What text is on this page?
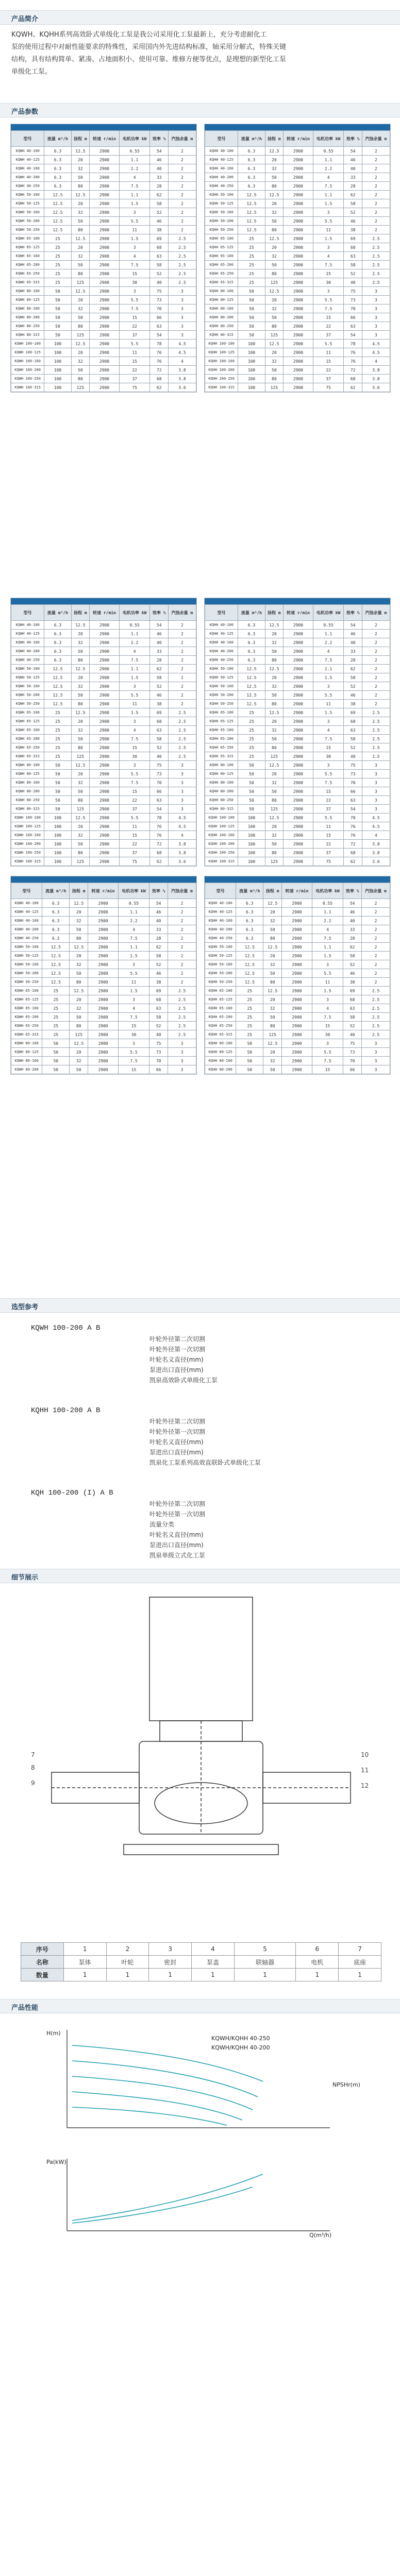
产品简介

KQWH、KQHH系列高效卧式单级化工泵是我公司采用化工泵最新上，充分考虑耐化工

泵的使用过程中对耐性能要求的特殊性，采用国内外先进结构标准，轴采用分解式，特殊关键

结构，具有结构简单、紧凑、占地面积小、使用可靠、维修方便等优点，是理想的新型化工泵

单级化工泵。

产品参数
型号	流量 m³/h	扬程 m	转速 r/min	电机功率 kW	效率 %	汽蚀余量 m
KQWH 40-100	6.3	12.5	2900	0.55	54	2
KQWH 40-125	6.3	20	2900	1.1	46	2
KQWH 40-160	6.3	32	2900	2.2	40	2
KQWH 40-200	6.3	50	2900	4	33	2
KQWH 40-250	6.3	80	2900	7.5	28	2
KQWH 50-100	12.5	12.5	2900	1.1	62	2
KQWH 50-125	12.5	20	2900	1.5	58	2
KQWH 50-160	12.5	32	2900	3	52	2
KQWH 50-200	12.5	50	2900	5.5	46	2
KQWH 50-250	12.5	80	2900	11	38	2
KQWH 65-100	25	12.5	2900	1.5	69	2.5
KQWH 65-125	25	20	2900	3	68	2.5
KQWH 65-160	25	32	2900	4	63	2.5
KQWH 65-200	25	50	2900	7.5	58	2.5
KQWH 65-250	25	80	2900	15	52	2.5
KQWH 65-315	25	125	2900	30	40	2.5
KQWH 80-100	50	12.5	2900	3	75	3
KQWH 80-125	50	20	2900	5.5	73	3
KQWH 80-160	50	32	2900	7.5	70	3
KQWH 80-200	50	50	2900	15	66	3
KQWH 80-250	50	80	2900	22	63	3
KQWH 80-315	50	125	2900	37	54	3
KQWH 100-100	100	12.5	2900	5.5	78	4.5
KQWH 100-125	100	20	2900	11	76	4.5
KQWH 100-160	100	32	2900	15	76	4
KQWH 100-200	100	50	2900	22	72	3.8
KQWH 100-250	100	80	2900	37	68	3.8
KQWH 100-315	100	125	2900	75	62	3.6
型号	流量 m³/h	扬程 m	转速 r/min	电机功率 kW	效率 %	汽蚀余量 m
KQHH 40-100	6.3	12.5	2900	0.55	54	2
KQHH 40-125	6.3	20	2900	1.1	46	2
KQHH 40-160	6.3	32	2900	2.2	40	2
KQHH 40-200	6.3	50	2900	4	33	2
KQHH 40-250	6.3	80	2900	7.5	28	2
KQHH 50-100	12.5	12.5	2900	1.1	62	2
KQHH 50-125	12.5	20	2900	1.5	58	2
KQHH 50-160	12.5	32	2900	3	52	2
KQHH 50-200	12.5	50	2900	5.5	46	2
KQHH 50-250	12.5	80	2900	11	38	2
KQHH 65-100	25	12.5	2900	1.5	69	2.5
KQHH 65-125	25	20	2900	3	68	2.5
KQHH 65-160	25	32	2900	4	63	2.5
KQHH 65-200	25	50	2900	7.5	58	2.5
KQHH 65-250	25	80	2900	15	52	2.5
KQHH 65-315	25	125	2900	30	40	2.5
KQHH 80-100	50	12.5	2900	3	75	3
KQHH 80-125	50	20	2900	5.5	73	3
KQHH 80-160	50	32	2900	7.5	70	3
KQHH 80-200	50	50	2900	15	66	3
KQHH 80-250	50	80	2900	22	63	3
KQHH 80-315	50	125	2900	37	54	3
KQHH 100-100	100	12.5	2900	5.5	78	4.5
KQHH 100-125	100	20	2900	11	76	4.5
KQHH 100-160	100	32	2900	15	76	4
KQHH 100-200	100	50	2900	22	72	3.8
KQHH 100-250	100	80	2900	37	68	3.8
KQHH 100-315	100	125	2900	75	62	3.6
型号	流量 m³/h	扬程 m	转速 r/min	电机功率 kW	效率 %	汽蚀余量 m
KQWH 40-100	6.3	12.5	2900	0.55	54	2
KQWH 40-125	6.3	20	2900	1.1	46	2
KQWH 40-160	6.3	32	2900	2.2	40	2
KQWH 40-200	6.3	50	2900	4	33	2
KQWH 40-250	6.3	80	2900	7.5	28	2
KQWH 50-100	12.5	12.5	2900	1.1	62	2
KQWH 50-125	12.5	20	2900	1.5	58	2
KQWH 50-160	12.5	32	2900	3	52	2
KQWH 50-200	12.5	50	2900	5.5	46	2
KQWH 50-250	12.5	80	2900	11	38	2
KQWH 65-100	25	12.5	2900	1.5	69	2.5
KQWH 65-125	25	20	2900	3	68	2.5
KQWH 65-160	25	32	2900	4	63	2.5
KQWH 65-200	25	50	2900	7.5	58	2.5
KQWH 65-250	25	80	2900	15	52	2.5
KQWH 65-315	25	125	2900	30	40	2.5
KQWH 80-100	50	12.5	2900	3	75	3
KQWH 80-125	50	20	2900	5.5	73	3
KQWH 80-160	50	32	2900	7.5	70	3
KQWH 80-200	50	50	2900	15	66	3
KQWH 80-250	50	80	2900	22	63	3
KQWH 80-315	50	125	2900	37	54	3
KQWH 100-100	100	12.5	2900	5.5	78	4.5
KQWH 100-125	100	20	2900	11	76	4.5
KQWH 100-160	100	32	2900	15	76	4
KQWH 100-200	100	50	2900	22	72	3.8
KQWH 100-250	100	80	2900	37	68	3.8
KQWH 100-315	100	125	2900	75	62	3.6
型号	流量 m³/h	扬程 m	转速 r/min	电机功率 kW	效率 %	汽蚀余量 m
KQHH 40-100	6.3	12.5	2900	0.55	54	2
KQHH 40-125	6.3	20	2900	1.1	46	2
KQHH 40-160	6.3	32	2900	2.2	40	2
KQHH 40-200	6.3	50	2900	4	33	2
KQHH 40-250	6.3	80	2900	7.5	28	2
KQHH 50-100	12.5	12.5	2900	1.1	62	2
KQHH 50-125	12.5	20	2900	1.5	58	2
KQHH 50-160	12.5	32	2900	3	52	2
KQHH 50-200	12.5	50	2900	5.5	46	2
KQHH 50-250	12.5	80	2900	11	38	2
KQHH 65-100	25	12.5	2900	1.5	69	2.5
KQHH 65-125	25	20	2900	3	68	2.5
KQHH 65-160	25	32	2900	4	63	2.5
KQHH 65-200	25	50	2900	7.5	58	2.5
KQHH 65-250	25	80	2900	15	52	2.5
KQHH 65-315	25	125	2900	30	40	2.5
KQHH 80-100	50	12.5	2900	3	75	3
KQHH 80-125	50	20	2900	5.5	73	3
KQHH 80-160	50	32	2900	7.5	70	3
KQHH 80-200	50	50	2900	15	66	3
KQHH 80-250	50	80	2900	22	63	3
KQHH 80-315	50	125	2900	37	54	3
KQHH 100-100	100	12.5	2900	5.5	78	4.5
KQHH 100-125	100	20	2900	11	76	4.5
KQHH 100-160	100	32	2900	15	76	4
KQHH 100-200	100	50	2900	22	72	3.8
KQHH 100-250	100	80	2900	37	68	3.8
KQHH 100-315	100	125	2900	75	62	3.6
型号	流量 m³/h	扬程 m	转速 r/min	电机功率 kW	效率 %	汽蚀余量 m
KQWH 40-100	6.3	12.5	2900	0.55	54	2
KQWH 40-125	6.3	20	2900	1.1	46	2
KQWH 40-160	6.3	32	2900	2.2	40	2
KQWH 40-200	6.3	50	2900	4	33	2
KQWH 40-250	6.3	80	2900	7.5	28	2
KQWH 50-100	12.5	12.5	2900	1.1	62	2
KQWH 50-125	12.5	20	2900	1.5	58	2
KQWH 50-160	12.5	32	2900	3	52	2
KQWH 50-200	12.5	50	2900	5.5	46	2
KQWH 50-250	12.5	80	2900	11	38	2
KQWH 65-100	25	12.5	2900	1.5	69	2.5
KQWH 65-125	25	20	2900	3	68	2.5
KQWH 65-160	25	32	2900	4	63	2.5
KQWH 65-200	25	50	2900	7.5	58	2.5
KQWH 65-250	25	80	2900	15	52	2.5
KQWH 65-315	25	125	2900	30	40	2.5
KQWH 80-100	50	12.5	2900	3	75	3
KQWH 80-125	50	20	2900	5.5	73	3
KQWH 80-160	50	32	2900	7.5	70	3
KQWH 80-200	50	50	2900	15	66	3
型号	流量 m³/h	扬程 m	转速 r/min	电机功率 kW	效率 %	汽蚀余量 m
KQHH 40-100	6.3	12.5	2900	0.55	54	2
KQHH 40-125	6.3	20	2900	1.1	46	2
KQHH 40-160	6.3	32	2900	2.2	40	2
KQHH 40-200	6.3	50	2900	4	33	2
KQHH 40-250	6.3	80	2900	7.5	28	2
KQHH 50-100	12.5	12.5	2900	1.1	62	2
KQHH 50-125	12.5	20	2900	1.5	58	2
KQHH 50-160	12.5	32	2900	3	52	2
KQHH 50-200	12.5	50	2900	5.5	46	2
KQHH 50-250	12.5	80	2900	11	38	2
KQHH 65-100	25	12.5	2900	1.5	69	2.5
KQHH 65-125	25	20	2900	3	68	2.5
KQHH 65-160	25	32	2900	4	63	2.5
KQHH 65-200	25	50	2900	7.5	58	2.5
KQHH 65-250	25	80	2900	15	52	2.5
KQHH 65-315	25	125	2900	30	40	2.5
KQHH 80-100	50	12.5	2900	3	75	3
KQHH 80-125	50	20	2900	5.5	73	3
KQHH 80-160	50	32	2900	7.5	70	3
KQHH 80-200	50	50	2900	15	66	3
选型参考
KQWH 100-200 A B
叶轮外径第二次切割
叶轮外径第一次切割
叶轮名义直径(mm)
泵进出口直径(mm)
凯泉高效卧式单级化工泵
KQHH 100-200 A B
叶轮外径第二次切割
叶轮外径第一次切割
叶轮名义直径(mm)
泵进出口直径(mm)
凯泉化工泵系列高效直联卧式单级化工泵
KQH 100-200 (I) A B
叶轮外径第二次切割
叶轮外径第一次切割
流量分类
叶轮名义直径(mm)
泵进出口直径(mm)
凯泉单级立式化工泵
细节展示
7
8
9
10
11
12
序号	1	2	3	4	5	6	7
名称	泵体	叶轮	密封	泵盖	联轴器	电机	底座
数量	1	1	1	1	1	1	1
产品性能
H(m)
NPSHr(m)
Pa(kW)
Q(m³/h)
KQWH/KQHH 40-250
KQWH/KQHH 40-200
